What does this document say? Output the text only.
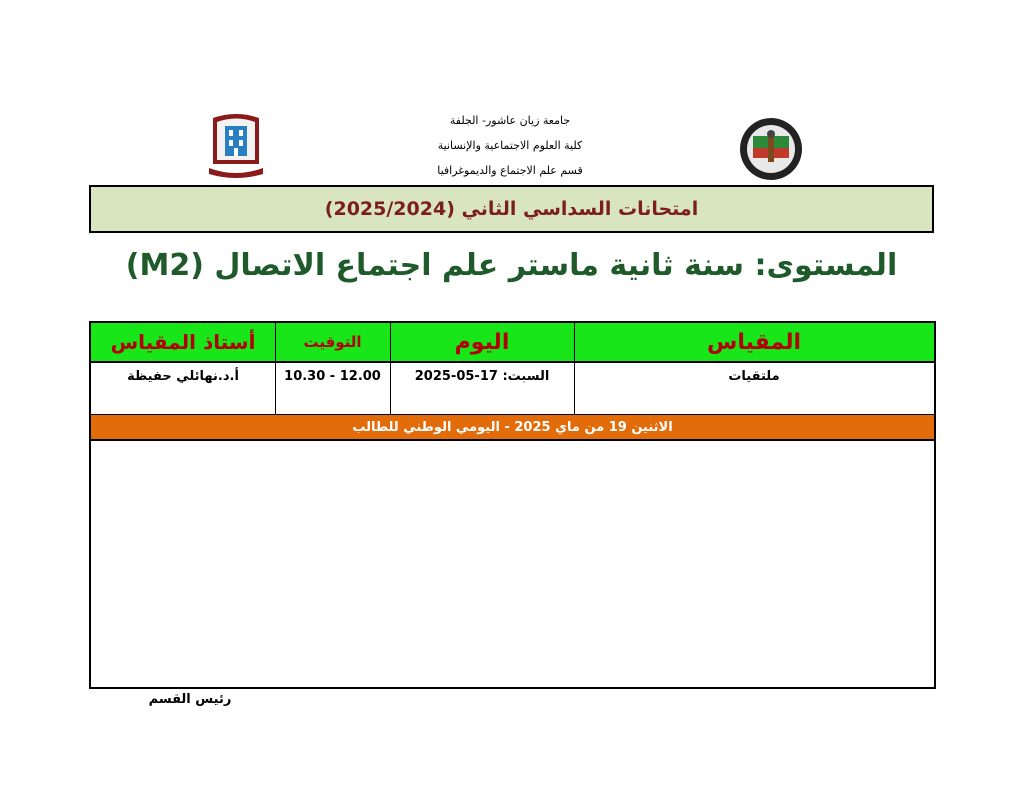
جامعة زيان عاشور- الجلفة
كلية العلوم الاجتماعية والإنسانية
قسم علم الاجتماع والديموغرافيا
امتحانات السداسي الثاني (2025/2024)
المستوى: سنة ثانية ماستر علم اجتماع الاتصال (M2)
المقياس
اليوم
التوقيت
أستاذ المقياس
ملتقيات
السبت: 17-05-2025
10.30 - 12.00
أ.د.نهائلي حفيظة
الاثنين 19 من ماي 2025 - اليومي الوطني للطالب
رئيس القسم
